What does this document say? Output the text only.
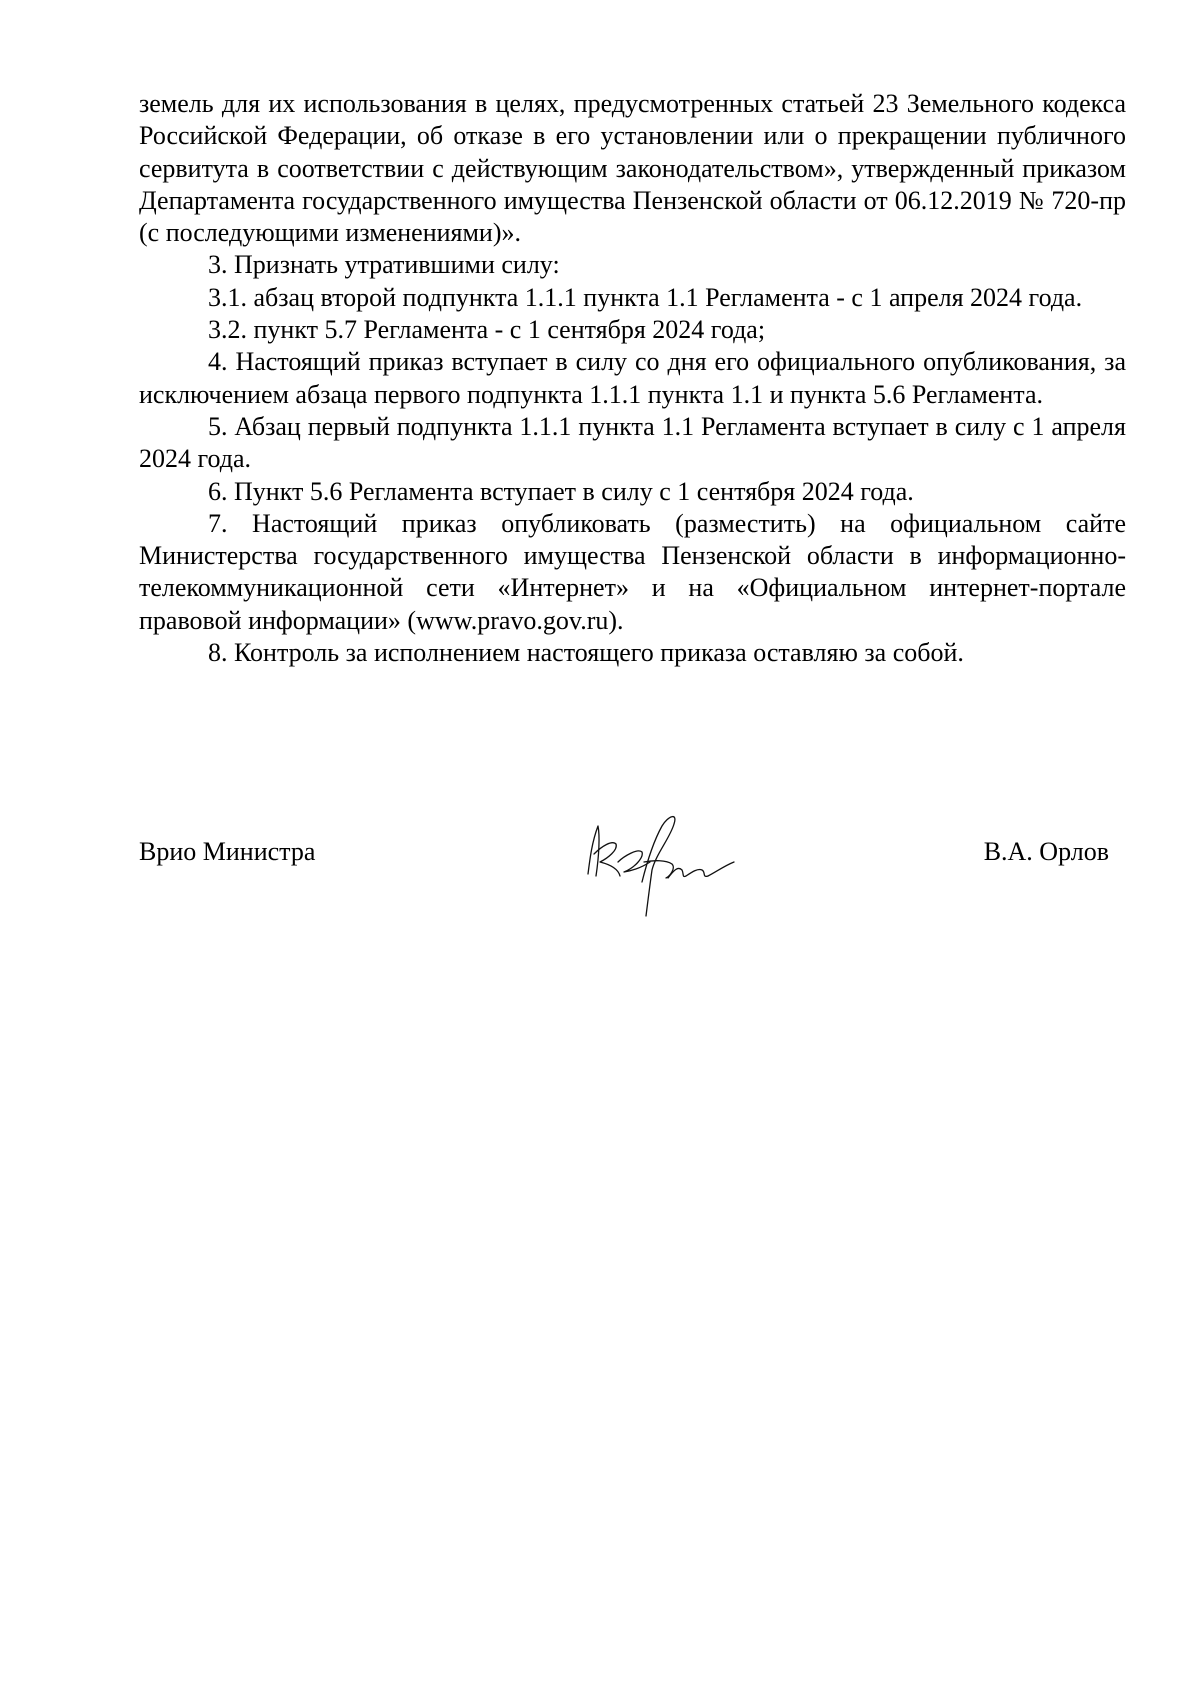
земель для их использования в целях, предусмотренных статьей 23 Земельного кодекса Российской Федерации, об отказе в его установлении или о прекращении публичного сервитута в соответствии с действующим законодательством», утвержденный приказом Департамента государственного имущества Пензенской области от 06.12.2019 № 720-пр (с последующими изменениями)».

3. Признать утратившими силу:

3.1. абзац второй подпункта 1.1.1 пункта 1.1 Регламента - с 1 апреля 2024 года.

3.2. пункт 5.7 Регламента - с 1 сентября 2024 года;

4. Настоящий приказ вступает в силу со дня его официального опубликования, за исключением абзаца первого подпункта 1.1.1 пункта 1.1 и пункта 5.6 Регламента.

5. Абзац первый подпункта 1.1.1 пункта 1.1 Регламента вступает в силу с 1 апреля 2024 года.

6. Пункт 5.6 Регламента вступает в силу с 1 сентября 2024 года.

7. Настоящий приказ опубликовать (разместить) на официальном сайте Министерства государственного имущества Пензенской области в информационно-телекоммуникационной сети «Интернет» и на «Официальном интернет-портале правовой информации» (www.pravo.gov.ru).

8. Контроль за исполнением настоящего приказа оставляю за собой.

Врио Министра	В.А. Орлов
